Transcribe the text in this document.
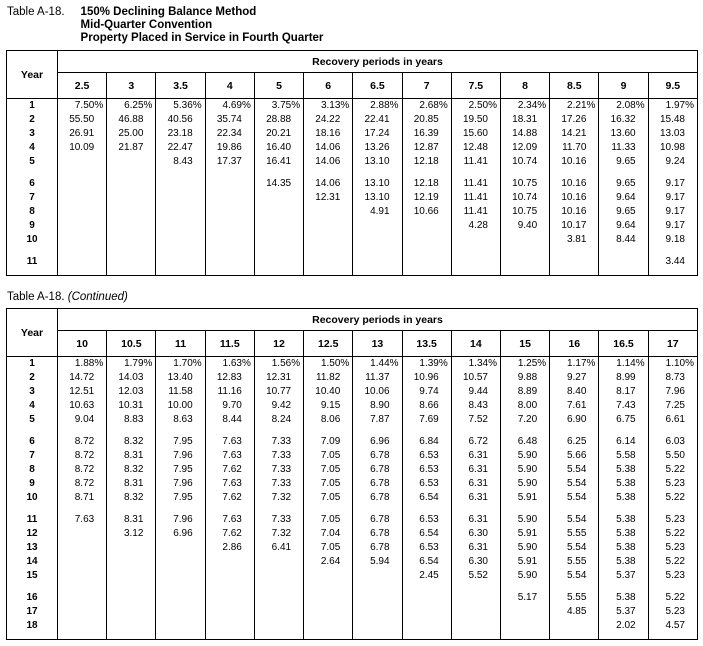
Table A-18. 150% Declining Balance Method
Mid-Quarter Convention
Property Placed in Service in Fourth Quarter
Year	Recovery periods in years												
	2.5	3	3.5	4	5	6	6.5	7	7.5	8	8.5	9	9.5
1	7.50%	6.25%	5.36%	4.69%	3.75%	3.13%	2.88%	2.68%	2.50%	2.34%	2.21%	2.08%	1.97%
2	55.50	46.88	40.56	35.74	28.88	24.22	22.41	20.85	19.50	18.31	17.26	16.32	15.48
3	26.91	25.00	23.18	22.34	20.21	18.16	17.24	16.39	15.60	14.88	14.21	13.60	13.03
4	10.09	21.87	22.47	19.86	16.40	14.06	13.26	12.87	12.48	12.09	11.70	11.33	10.98
5			8.43	17.37	16.41	14.06	13.10	12.18	11.41	10.74	10.16	9.65	9.24

6					14.35	14.06	13.10	12.18	11.41	10.75	10.16	9.65	9.17
7						12.31	13.10	12.19	11.41	10.74	10.16	9.64	9.17
8							4.91	10.66	11.41	10.75	10.16	9.65	9.17
9									4.28	9.40	10.17	9.64	9.17
10											3.81	8.44	9.18

11													3.44

Table A-18. (Continued)
Year	Recovery periods in years												
	10	10.5	11	11.5	12	12.5	13	13.5	14	15	16	16.5	17
1	1.88%	1.79%	1.70%	1.63%	1.56%	1.50%	1.44%	1.39%	1.34%	1.25%	1.17%	1.14%	1.10%
2	14.72	14.03	13.40	12.83	12.31	11.82	11.37	10.96	10.57	9.88	9.27	8.99	8.73
3	12.51	12.03	11.58	11.16	10.77	10.40	10.06	9.74	9.44	8.89	8.40	8.17	7.96
4	10.63	10.31	10.00	9.70	9.42	9.15	8.90	8.66	8.43	8.00	7.61	7.43	7.25
5	9.04	8.83	8.63	8.44	8.24	8.06	7.87	7.69	7.52	7.20	6.90	6.75	6.61

6	8.72	8.32	7.95	7.63	7.33	7.09	6.96	6.84	6.72	6.48	6.25	6.14	6.03
7	8.72	8.31	7.96	7.63	7.33	7.05	6.78	6.53	6.31	5.90	5.66	5.58	5.50
8	8.72	8.32	7.95	7.62	7.33	7.05	6.78	6.53	6.31	5.90	5.54	5.38	5.22
9	8.72	8.31	7.96	7.63	7.33	7.05	6.78	6.53	6.31	5.90	5.54	5.38	5.23
10	8.71	8.32	7.95	7.62	7.32	7.05	6.78	6.54	6.31	5.91	5.54	5.38	5.22

11	7.63	8.31	7.96	7.63	7.33	7.05	6.78	6.53	6.31	5.90	5.54	5.38	5.23
12		3.12	6.96	7.62	7.32	7.04	6.78	6.54	6.30	5.91	5.55	5.38	5.22
13				2.86	6.41	7.05	6.78	6.53	6.31	5.90	5.54	5.38	5.23
14						2.64	5.94	6.54	6.30	5.91	5.55	5.38	5.22
15								2.45	5.52	5.90	5.54	5.37	5.23

16										5.17	5.55	5.38	5.22
17											4.85	5.37	5.23
18												2.02	4.57
